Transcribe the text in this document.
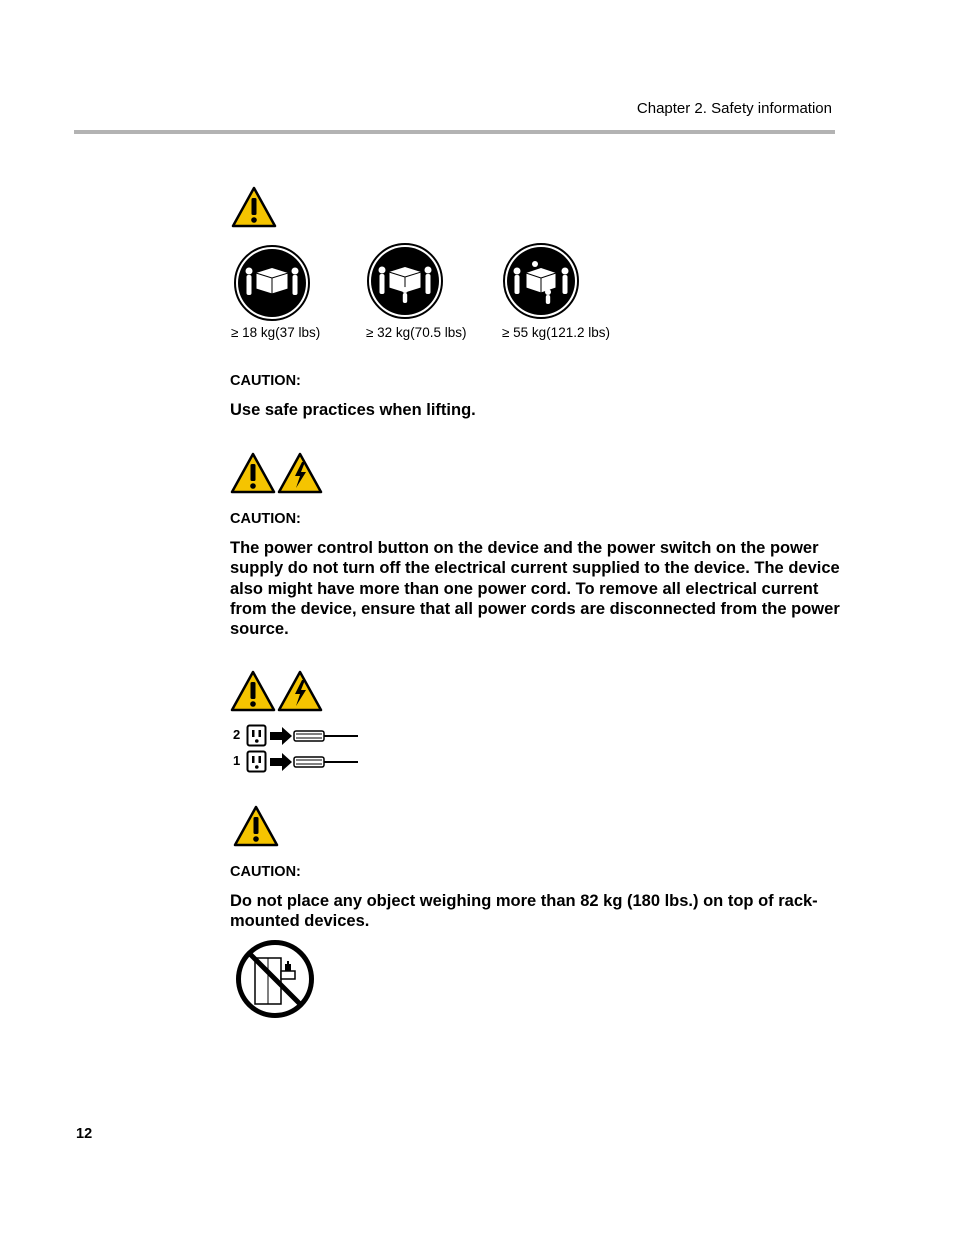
Chapter 2. Safety information
≥ 18 kg(37 lbs)	≥ 32 kg(70.5 lbs)	≥ 55 kg(121.2 lbs)
CAUTION:
Use safe practices when lifting.
CAUTION:
The power control button on the device and the power switch on the power supply do not turn off the electrical current supplied to the device. The device also might have more than one power cord. To remove all electrical current from the device, ensure that all power cords are disconnected from the power source.
2
1
CAUTION:
Do not place any object weighing more than 82 kg (180 lbs.) on top of rack-mounted devices.
12
